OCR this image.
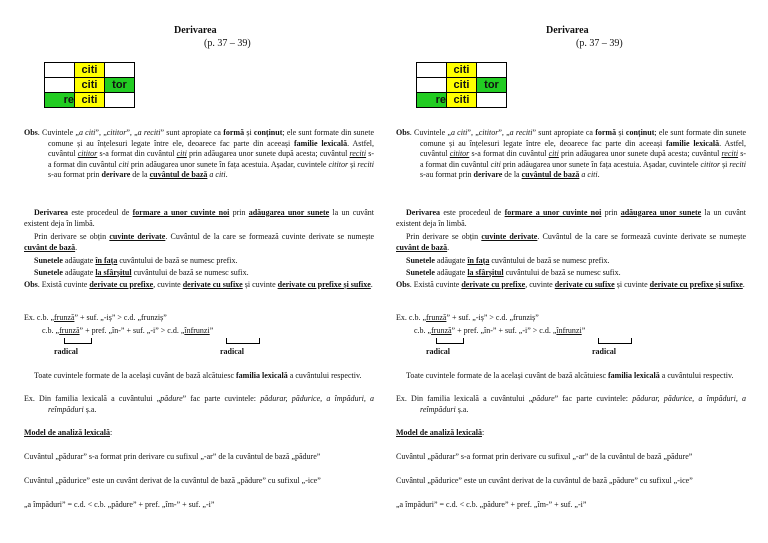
Derivarea
(p. 37 – 39)
	citi	
	citi	tor
re	citi	
Obs. Cuvintele „a citi”, „cititor”, „a reciti” sunt apropiate ca formă și conținut; ele sunt formate din sunete comune și au înțelesuri legate între ele, deoarece fac parte din aceeași familie lexicală. Astfel, cuvântul cititor s-a format din cuvântul citi prin adăugarea unor sunete după acesta; cuvântul reciti s-a format din cuvântul citi prin adăugarea unor sunete în fața acestuia. Așadar, cuvintele cititor și reciti s-au format prin derivare de la cuvântul de bază a citi.
Derivarea este procedeul de formare a unor cuvinte noi prin adăugarea unor sunete la un cuvânt existent deja în limbă.
Prin derivare se obțin cuvinte derivate. Cuvântul de la care se formează cuvinte derivate se numește cuvânt de bază.
Sunetele adăugate în fața cuvântului de bază se numesc prefix.
Sunetele adăugate la sfârșitul cuvântului de bază se numesc sufix.
Obs. Există cuvinte derivate cu prefixe, cuvinte derivate cu sufixe și cuvinte derivate cu prefixe și sufixe.
Ex. c.b. „frunză” + suf. „-iș” > c.d. „frunziș”
c.b. „frunză” + pref. „în-” + suf. „-i” > c.d. „înfrunzi”
radical	radical
Toate cuvintele formate de la același cuvânt de bază alcătuiesc familia lexicală a cuvântului respectiv.
Ex. Din familia lexicală a cuvântului „pădure” fac parte cuvintele: pădurar, pădurice, a împăduri, a reîmpăduri ș.a.
Model de analiză lexicală:
Cuvântul „pădurar” s-a format prin derivare cu sufixul „-ar” de la cuvântul de bază „pădure”
Cuvântul „pădurice” este un cuvânt derivat de la cuvântul de bază „pădure” cu sufixul „-ice”
„a împăduri” = c.d. < c.b. „pădure” + pref. „îm-” + suf. „-i”
Derivarea
(p. 37 – 39)
	citi	
	citi	tor
re	citi	
Obs. Cuvintele „a citi”, „cititor”, „a reciti” sunt apropiate ca formă și conținut; ele sunt formate din sunete comune și au înțelesuri legate între ele, deoarece fac parte din aceeași familie lexicală. Astfel, cuvântul cititor s-a format din cuvântul citi prin adăugarea unor sunete după acesta; cuvântul reciti s-a format din cuvântul citi prin adăugarea unor sunete în fața acestuia. Așadar, cuvintele cititor și reciti s-au format prin derivare de la cuvântul de bază a citi.
Derivarea este procedeul de formare a unor cuvinte noi prin adăugarea unor sunete la un cuvânt existent deja în limbă.
Prin derivare se obțin cuvinte derivate. Cuvântul de la care se formează cuvinte derivate se numește cuvânt de bază.
Sunetele adăugate în fața cuvântului de bază se numesc prefix.
Sunetele adăugate la sfârșitul cuvântului de bază se numesc sufix.
Obs. Există cuvinte derivate cu prefixe, cuvinte derivate cu sufixe și cuvinte derivate cu prefixe și sufixe.
Ex. c.b. „frunză” + suf. „-iș” > c.d. „frunziș”
c.b. „frunză” + pref. „în-” + suf. „-i” > c.d. „înfrunzi”
radical	radical
Toate cuvintele formate de la același cuvânt de bază alcătuiesc familia lexicală a cuvântului respectiv.
Ex. Din familia lexicală a cuvântului „pădure” fac parte cuvintele: pădurar, pădurice, a împăduri, a reîmpăduri ș.a.
Model de analiză lexicală:
Cuvântul „pădurar” s-a format prin derivare cu sufixul „-ar” de la cuvântul de bază „pădure”
Cuvântul „pădurice” este un cuvânt derivat de la cuvântul de bază „pădure” cu sufixul „-ice”
„a împăduri” = c.d. < c.b. „pădure” + pref. „îm-” + suf. „-i”
